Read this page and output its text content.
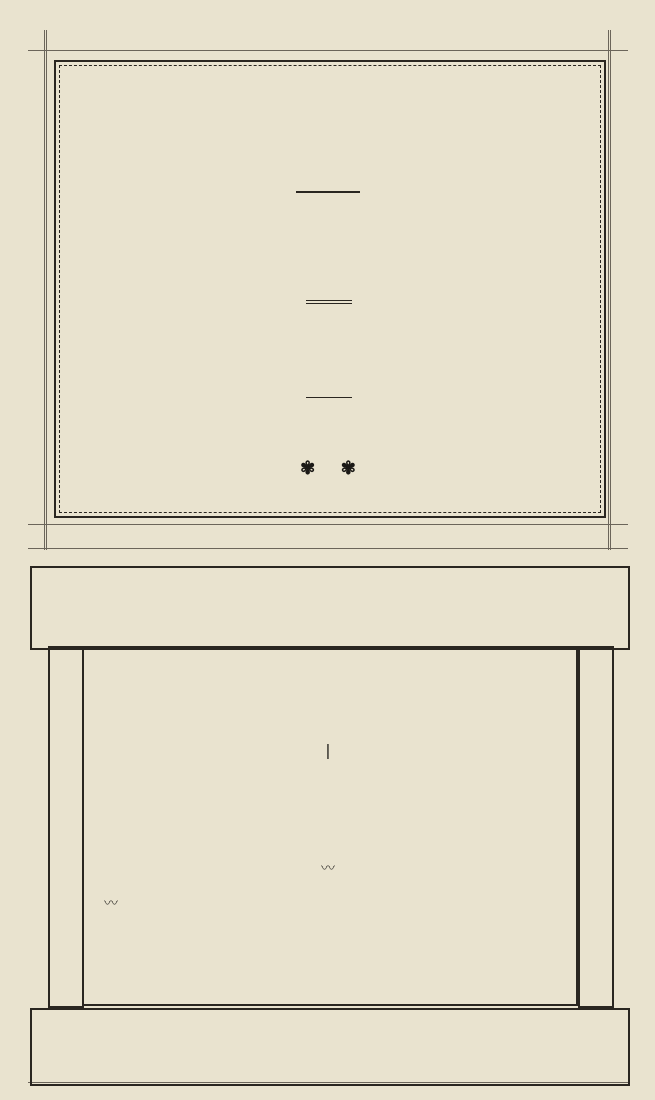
✾ ✾
|
〰
〰
